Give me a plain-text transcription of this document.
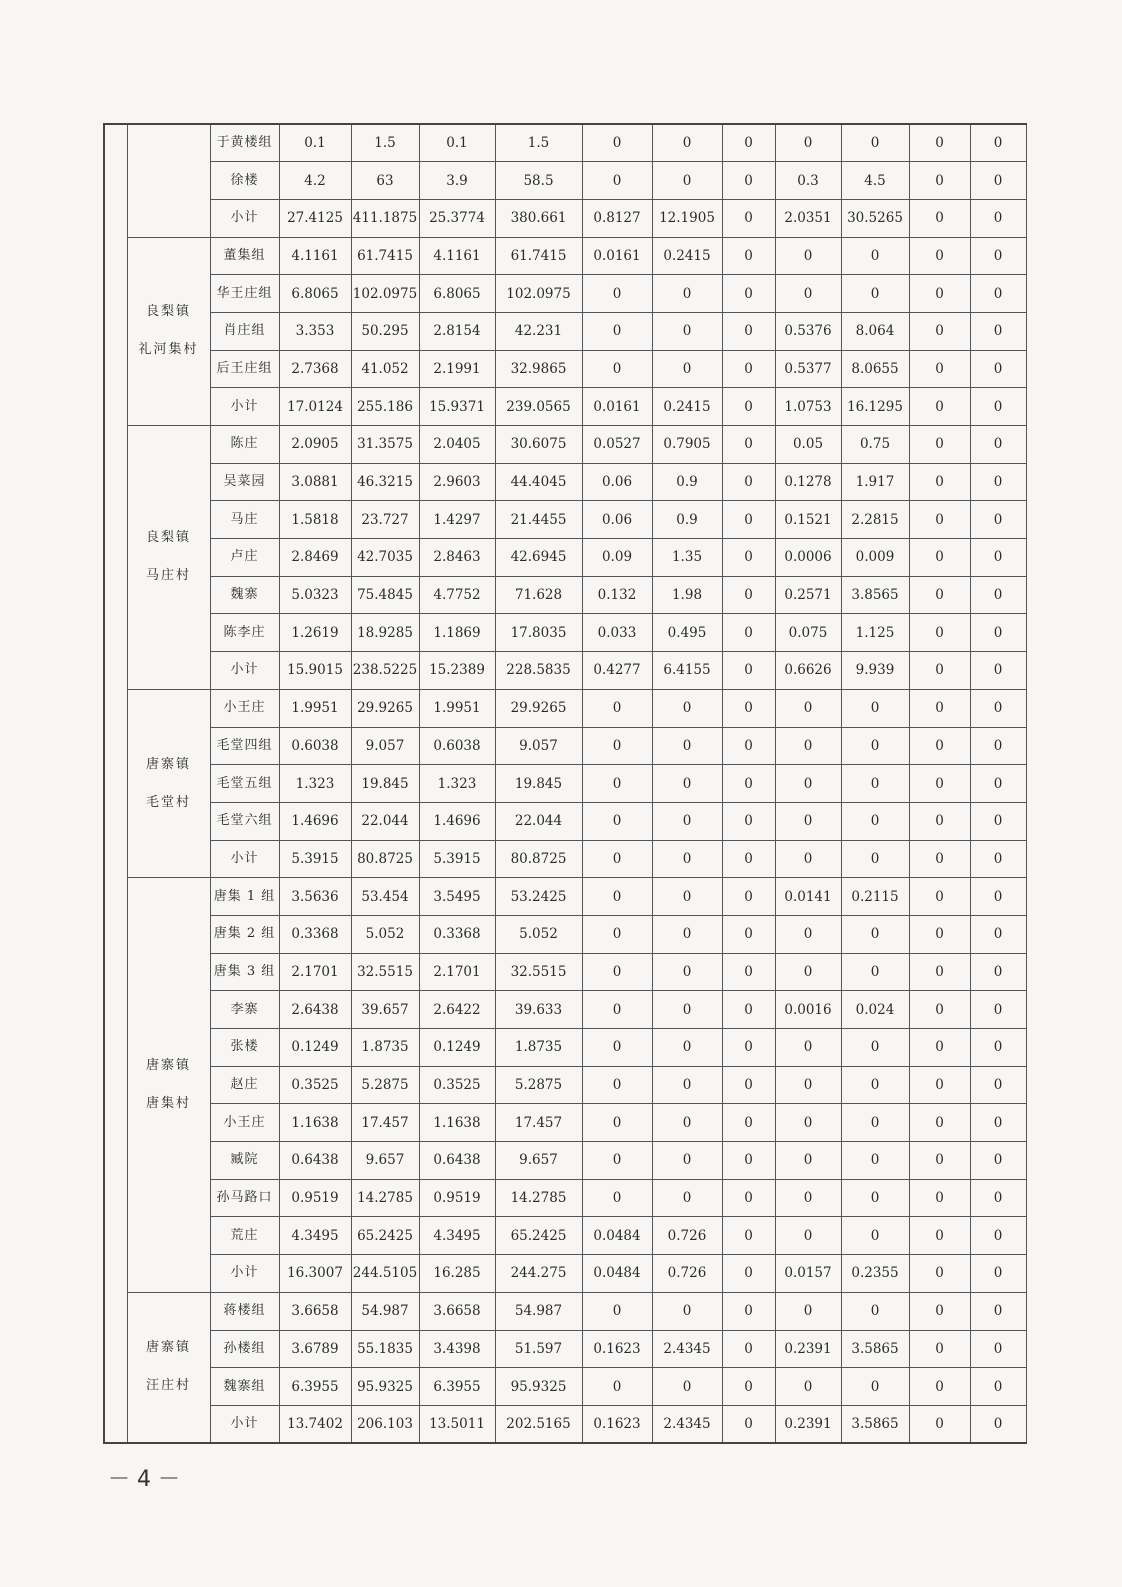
	于黄楼组	0.1	1.5	0.1	1.5	0	0	0	0	0	0	0
		徐楼	4.2	63	3.9	58.5	0	0	0	0.3	4.5	0	0
		小计	27.4125	411.1875	25.3774	380.661	0.8127	12.1905	0	2.0351	30.5265	0	0
	良梨镇
礼河集村	董集组	4.1161	61.7415	4.1161	61.7415	0.0161	0.2415	0	0	0	0	0
		华王庄组	6.8065	102.0975	6.8065	102.0975	0	0	0	0	0	0	0
		肖庄组	3.353	50.295	2.8154	42.231	0	0	0	0.5376	8.064	0	0
		后王庄组	2.7368	41.052	2.1991	32.9865	0	0	0	0.5377	8.0655	0	0
		小计	17.0124	255.186	15.9371	239.0565	0.0161	0.2415	0	1.0753	16.1295	0	0
	良梨镇
马庄村	陈庄	2.0905	31.3575	2.0405	30.6075	0.0527	0.7905	0	0.05	0.75	0	0
		吴菜园	3.0881	46.3215	2.9603	44.4045	0.06	0.9	0	0.1278	1.917	0	0
		马庄	1.5818	23.727	1.4297	21.4455	0.06	0.9	0	0.1521	2.2815	0	0
		卢庄	2.8469	42.7035	2.8463	42.6945	0.09	1.35	0	0.0006	0.009	0	0
		魏寨	5.0323	75.4845	4.7752	71.628	0.132	1.98	0	0.2571	3.8565	0	0
		陈李庄	1.2619	18.9285	1.1869	17.8035	0.033	0.495	0	0.075	1.125	0	0
		小计	15.9015	238.5225	15.2389	228.5835	0.4277	6.4155	0	0.6626	9.939	0	0
	唐寨镇
毛堂村	小王庄	1.9951	29.9265	1.9951	29.9265	0	0	0	0	0	0	0
		毛堂四组	0.6038	9.057	0.6038	9.057	0	0	0	0	0	0	0
		毛堂五组	1.323	19.845	1.323	19.845	0	0	0	0	0	0	0
		毛堂六组	1.4696	22.044	1.4696	22.044	0	0	0	0	0	0	0
		小计	5.3915	80.8725	5.3915	80.8725	0	0	0	0	0	0	0
	唐寨镇
唐集村	唐集 1 组	3.5636	53.454	3.5495	53.2425	0	0	0	0.0141	0.2115	0	0
		唐集 2 组	0.3368	5.052	0.3368	5.052	0	0	0	0	0	0	0
		唐集 3 组	2.1701	32.5515	2.1701	32.5515	0	0	0	0	0	0	0
		李寨	2.6438	39.657	2.6422	39.633	0	0	0	0.0016	0.024	0	0
		张楼	0.1249	1.8735	0.1249	1.8735	0	0	0	0	0	0	0
		赵庄	0.3525	5.2875	0.3525	5.2875	0	0	0	0	0	0	0
		小王庄	1.1638	17.457	1.1638	17.457	0	0	0	0	0	0	0
		臧院	0.6438	9.657	0.6438	9.657	0	0	0	0	0	0	0
		孙马路口	0.9519	14.2785	0.9519	14.2785	0	0	0	0	0	0	0
		荒庄	4.3495	65.2425	4.3495	65.2425	0.0484	0.726	0	0	0	0	0
		小计	16.3007	244.5105	16.285	244.275	0.0484	0.726	0	0.0157	0.2355	0	0
	唐寨镇
汪庄村	蒋楼组	3.6658	54.987	3.6658	54.987	0	0	0	0	0	0	0
		孙楼组	3.6789	55.1835	3.4398	51.597	0.1623	2.4345	0	0.2391	3.5865	0	0
		魏寨组	6.3955	95.9325	6.3955	95.9325	0	0	0	0	0	0	0
		小计	13.7402	206.103	13.5011	202.5165	0.1623	2.4345	0	0.2391	3.5865	0	0
－ 4 －
